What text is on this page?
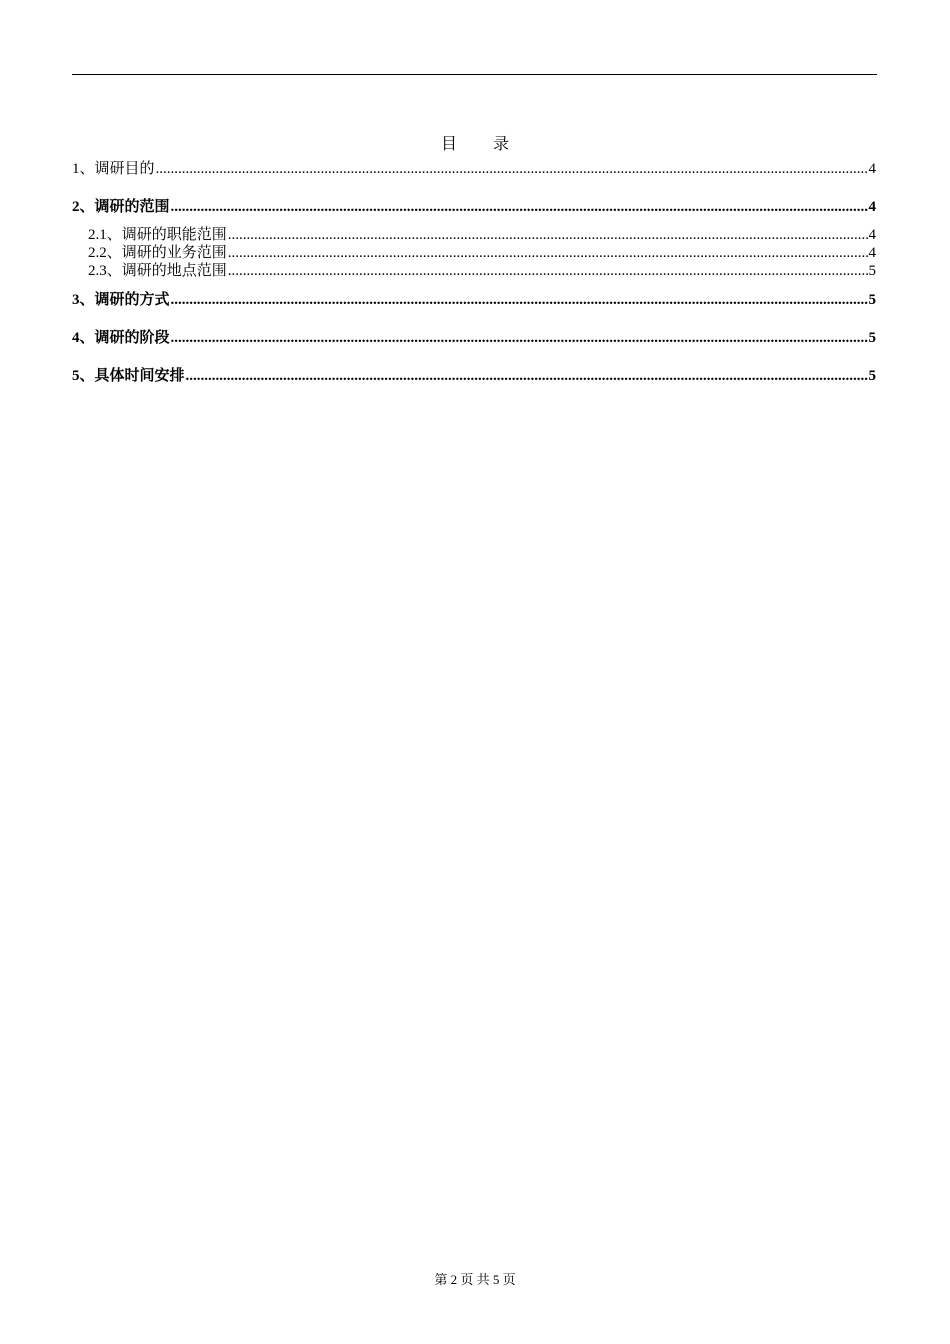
目 录
1、调研目的 .....	4
2、调研的范围 .....	4
2.1、调研的职能范围 .....	4
2.2、调研的业务范围 .....	4
2.3、调研的地点范围 .....	5
3、调研的方式 .....	5
4、调研的阶段 .....	5
5、具体时间安排 .....	5
第 2 页 共 5 页
